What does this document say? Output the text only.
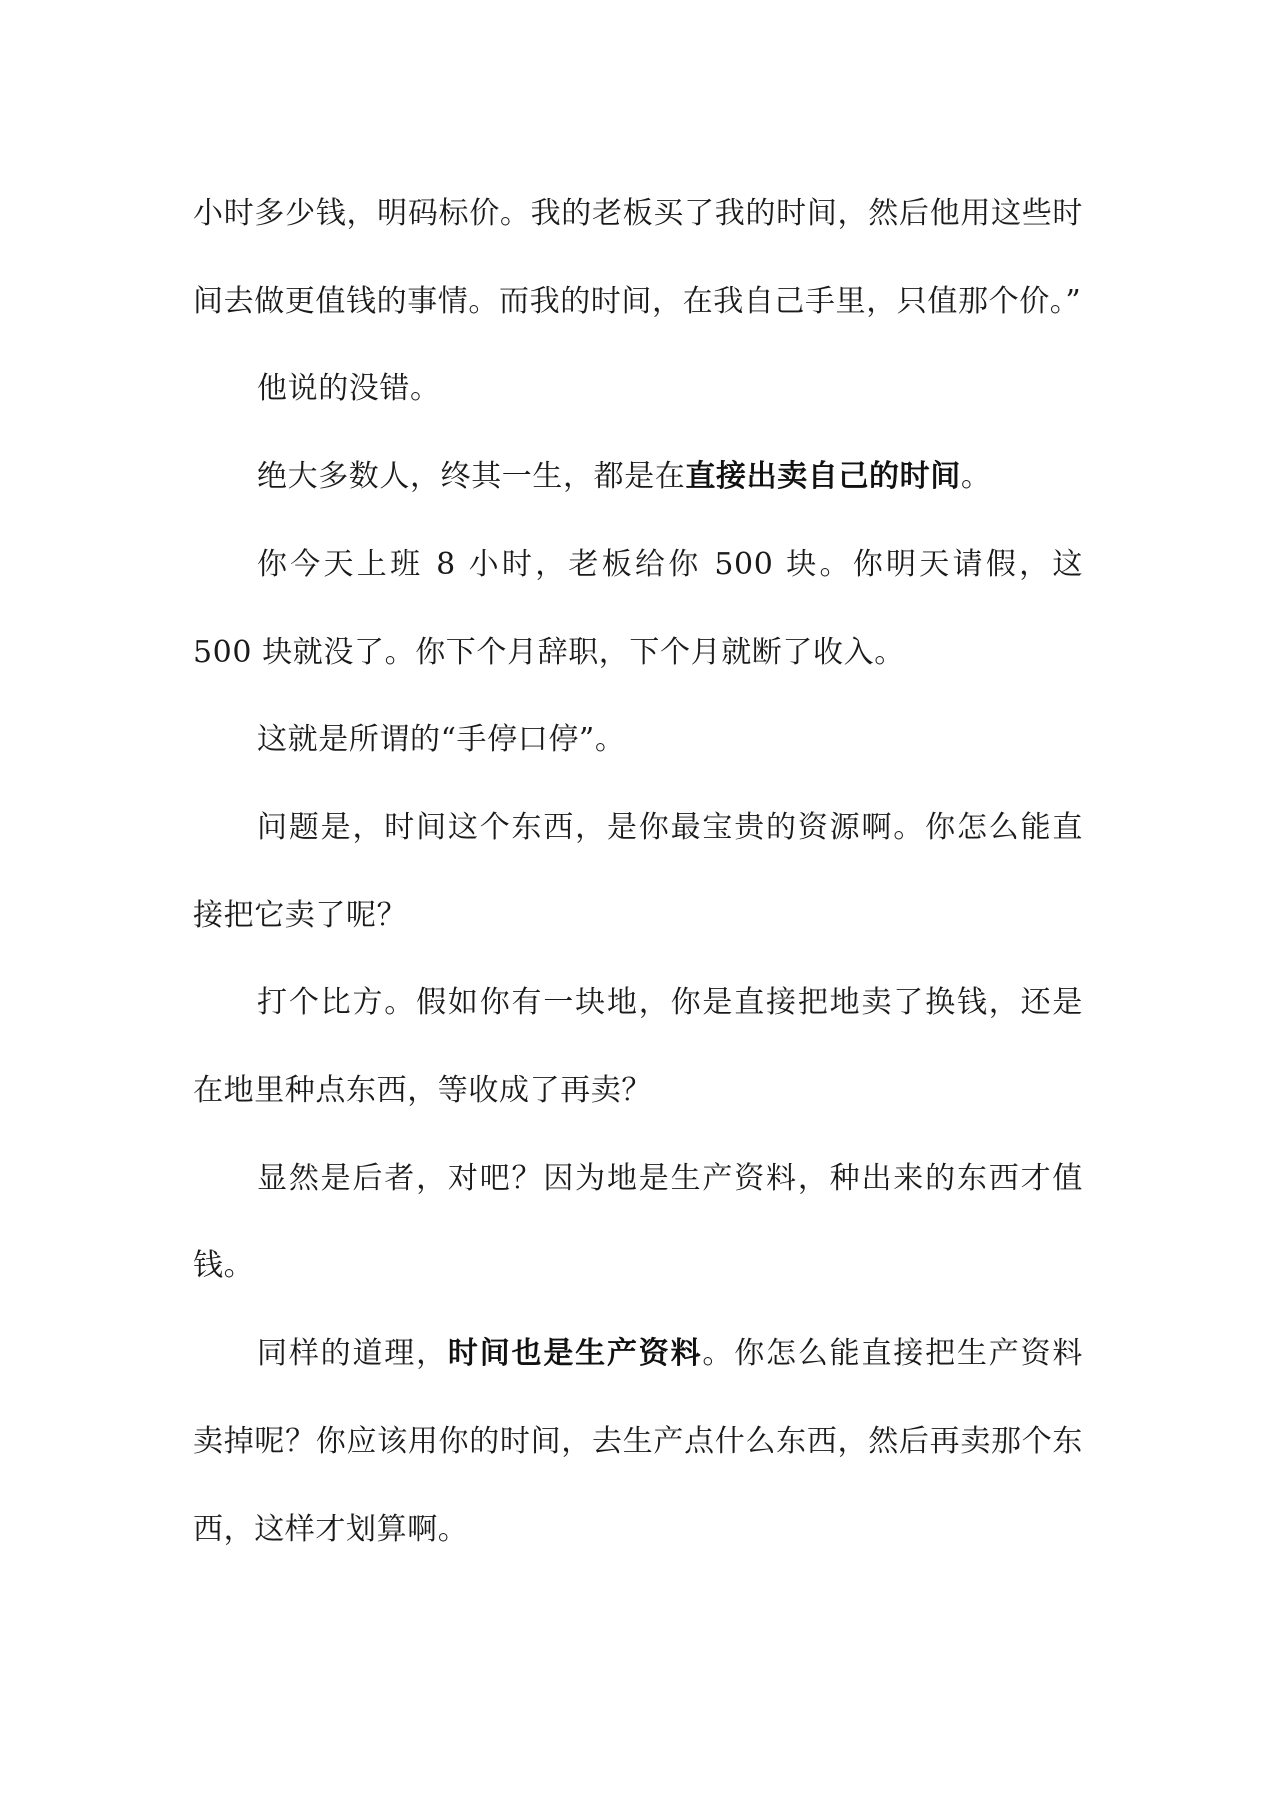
小时多少钱，明码标价。我的老板买了我的时间，然后他用这些时间去做更值钱的事情。而我的时间，在我自己手里，只值那个价。”

他说的没错。

绝大多数人，终其一生，都是在直接出卖自己的时间。

你今天上班 8 小时，老板给你 500 块。你明天请假，这 500 块就没了。你下个月辞职，下个月就断了收入。

这就是所谓的“手停口停”。

问题是，时间这个东西，是你最宝贵的资源啊。你怎么能直接把它卖了呢？

打个比方。假如你有一块地，你是直接把地卖了换钱，还是在地里种点东西，等收成了再卖？

显然是后者，对吧？因为地是生产资料，种出来的东西才值钱。

同样的道理，时间也是生产资料。你怎么能直接把生产资料卖掉呢？你应该用你的时间，去生产点什么东西，然后再卖那个东西，这样才划算啊。
